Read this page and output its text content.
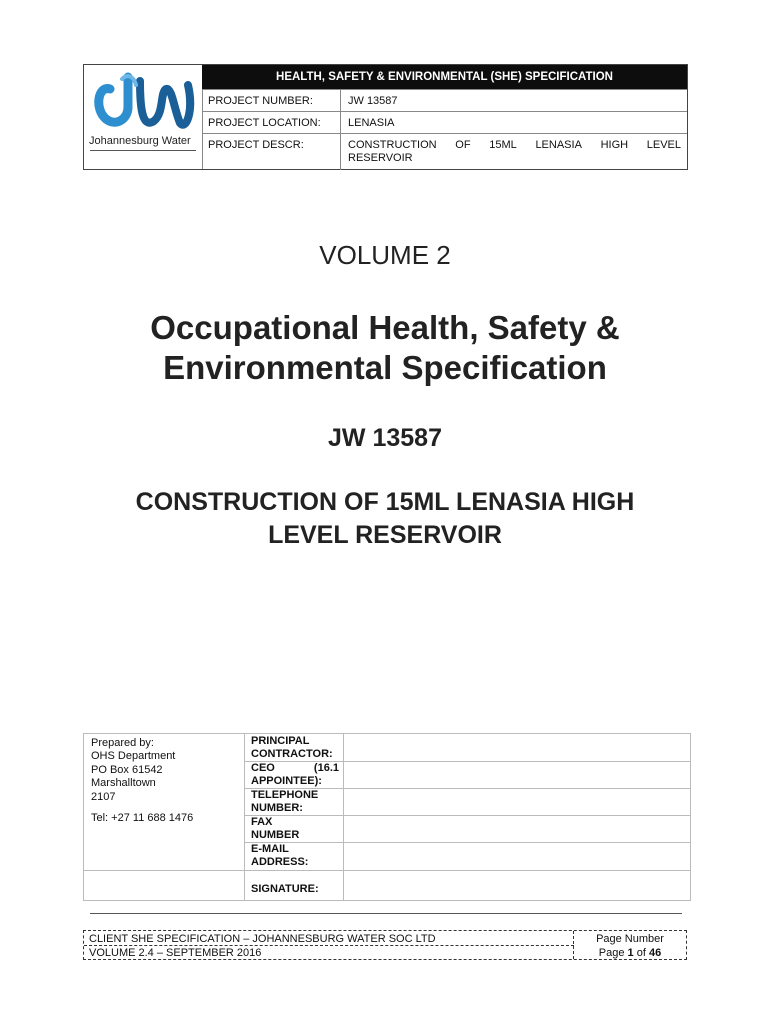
Johannesburg Water
HEALTH, SAFETY & ENVIRONMENTAL (SHE) SPECIFICATION
PROJECT NUMBER:	JW 13587
PROJECT LOCATION: LENASIA
PROJECT DESCR:	CONSTRUCTION OF 15ML LENASIA HIGH LEVEL
RESERVOIR
VOLUME 2
Occupational Health, Safety &
Environmental Specification
JW 13587
CONSTRUCTION OF 15ML LENASIA HIGH
LEVEL RESERVOIR
Prepared by:
OHS Department
PO Box 61542
Marshalltown
2107
Tel: +27 11 688 1476
PRINCIPAL
CONTRACTOR:
CEO	(16.1
APPOINTEE):
TELEPHONE
NUMBER:
FAX
NUMBER
E-MAIL
ADDRESS:
SIGNATURE:
CLIENT SHE SPECIFICATION – JOHANNESBURG WATER SOC LTD
VOLUME 2.4 – SEPTEMBER 2016
Page Number
Page 1 of 46
